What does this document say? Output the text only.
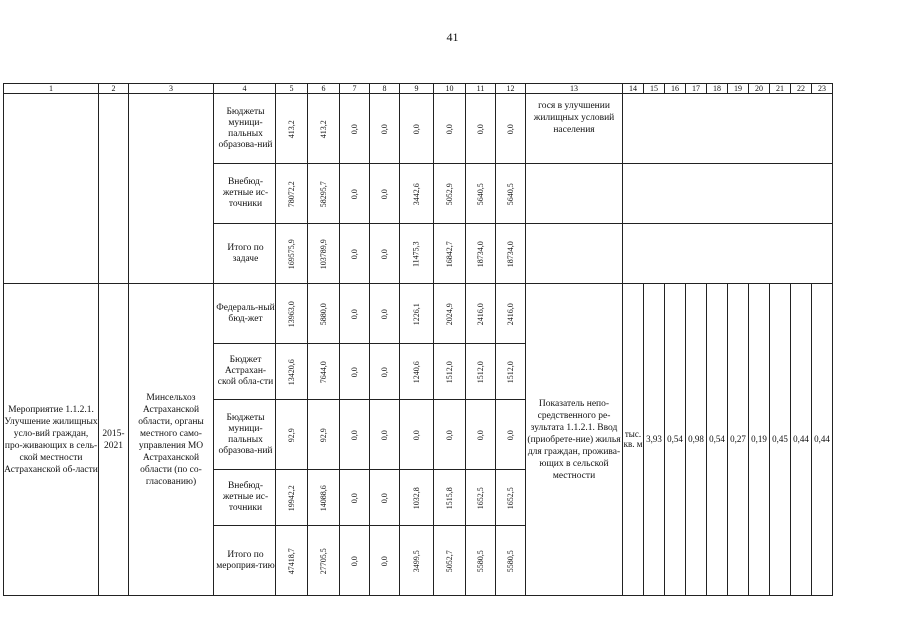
41
1	2	3	4	5	6	7	8	9	10	11	12	13	14	15	16	17	18	19	20	21	22	23

			Бюджеты муници-пальных образова-ний	413,2	413,2	0,0	0,0	0,0	0,0	0,0	0,0	гося в улучшении жилищных условий населения										

			Внебюд-жетные ис-точники	78072,2	58295,7	0,0	0,0	3442,6	5052,9	5640,5	5640,5											

			Итого по задаче	169575,9	103789,9	0,0	0,0	11475,3	16842,7	18734,0	18734,0											
Мероприятие 1.1.2.1. Улучшение жилищных усло-вий граждан, про-живающих в сель-ской местности Астраханской об-ласти	2015-2021	Минсельхоз Астраханской области, органы местного само-управления МО Астраханской области (по со-гласованию)	Федераль-ный бюд-жет	13963,0	5880,0	0,0	0,0	1226,1	2024,9	2416,0	2416,0	Показатель непо-средственного ре-зультата 1.1.2.1. Ввод (приобрете-ние) жилья для граждан, прожива-ющих в сельской местности	тыс. кв. м	3,93	0,54	0,98	0,54	0,27	0,19	0,45	0,44	0,44

			Бюджет Астрахан-ской обла-сти	13420,6	7644,0	0,0	0,0	1240,6	1512,0	1512,0	1512,0											

			Бюджеты муници-пальных образова-ний	92,9	92,9	0,0	0,0	0,0	0,0	0,0	0,0											

			Внебюд-жетные ис-точники	19942,2	14088,6	0,0	0,0	1032,8	1515,8	1652,5	1652,5											

			Итого по мероприя-тию	47418,7	27705,5	0,0	0,0	3499,5	5052,7	5580,5	5580,5											
